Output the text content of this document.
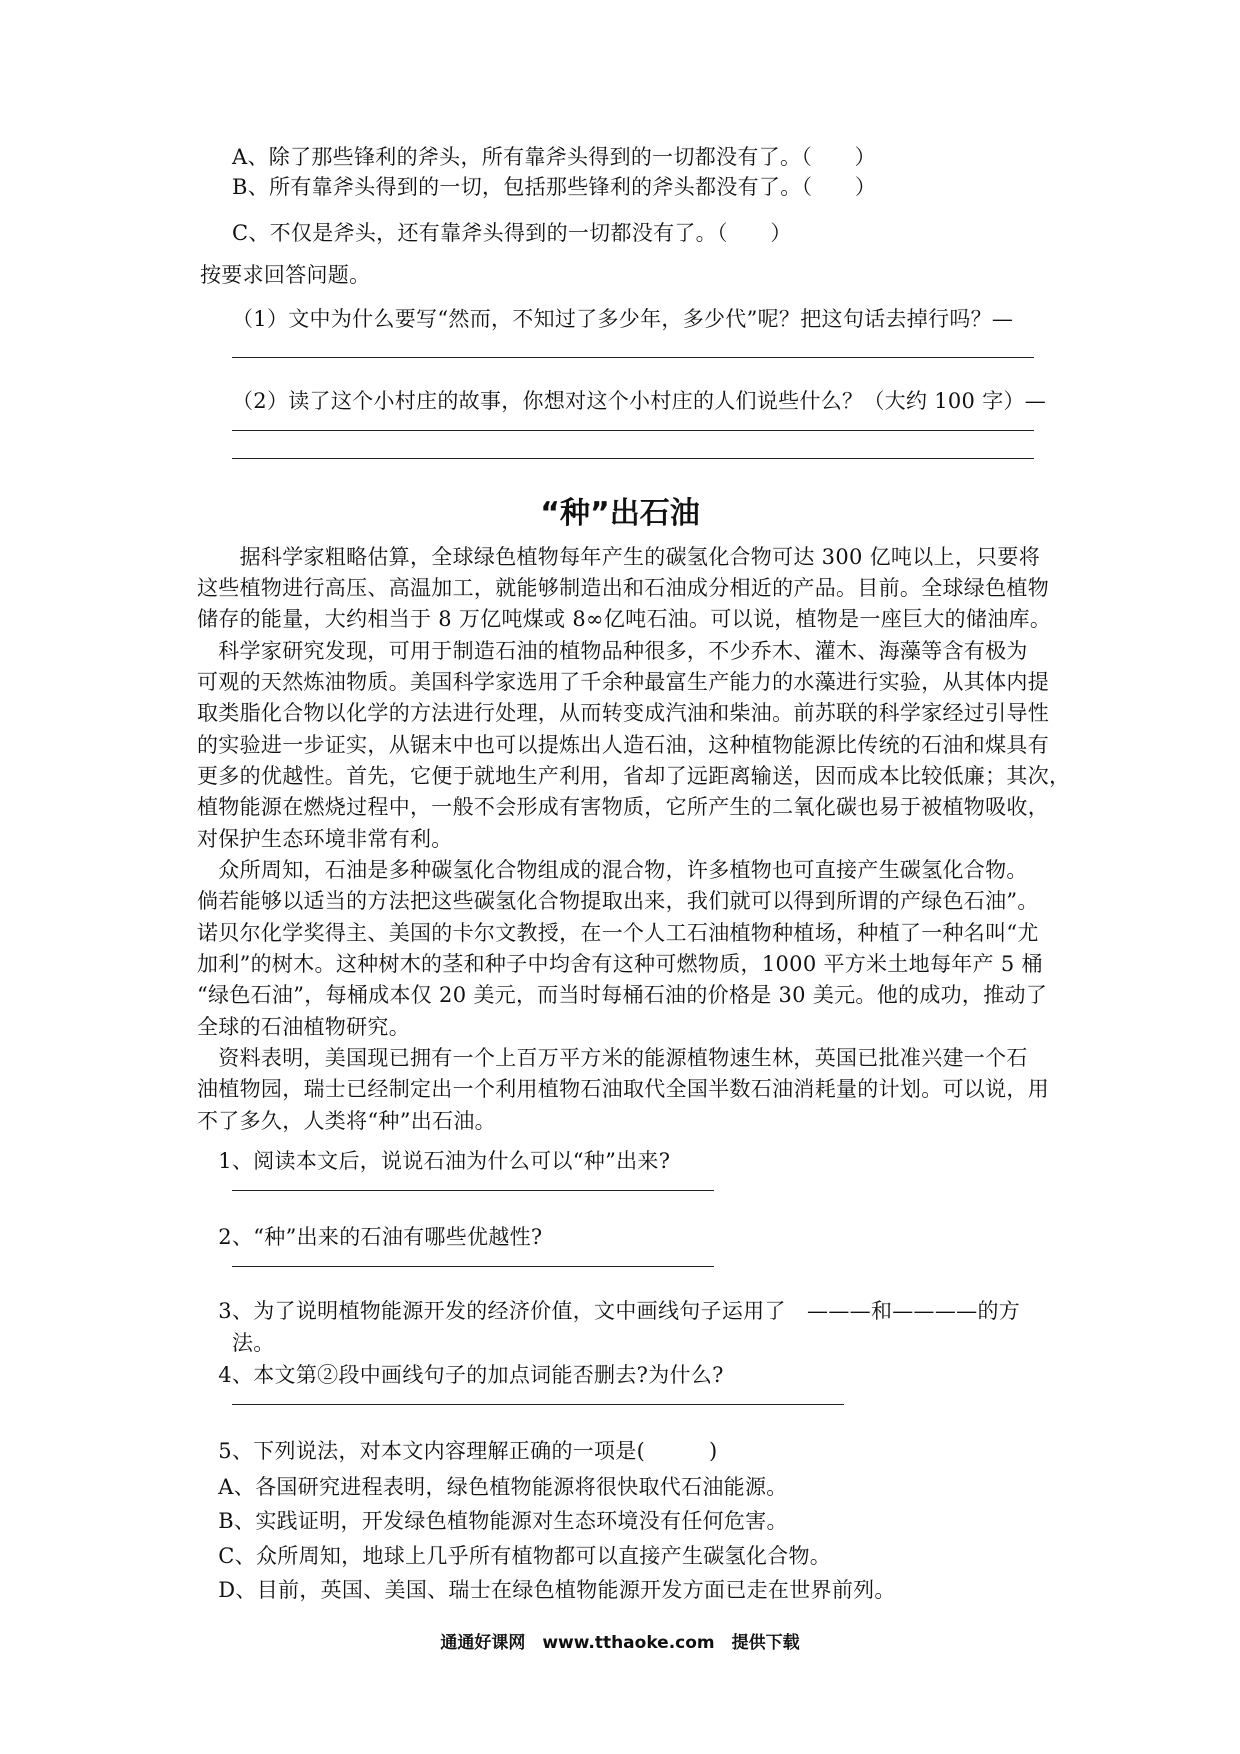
A、除了那些锋利的斧头，所有靠斧头得到的一切都没有了。（　　）
B、所有靠斧头得到的一切，包括那些锋利的斧头都没有了。（　　）
C、不仅是斧头，还有靠斧头得到的一切都没有了。（　　）
按要求回答问题。
（1）文中为什么要写“然而，不知过了多少年，多少代”呢？把这句话去掉行吗？—
（2）读了这个小村庄的故事，你想对这个小村庄的人们说些什么？（大约 100 字）—
“种”出石油
　　据科学家粗略估算，全球绿色植物每年产生的碳氢化合物可达 300 亿吨以上，只要将
这些植物进行高压、高温加工，就能够制造出和石油成分相近的产品。目前。全球绿色植物
储存的能量，大约相当于 8 万亿吨煤或 8∞亿吨石油。可以说，植物是一座巨大的储油库。
　科学家研究发现，可用于制造石油的植物品种很多，不少乔木、灌木、海藻等含有极为
可观的天然炼油物质。美国科学家选用了千余种最富生产能力的水藻进行实验，从其体内提
取类脂化合物以化学的方法进行处理，从而转变成汽油和柴油。前苏联的科学家经过引导性
的实验进一步证实，从锯末中也可以提炼出人造石油，这种植物能源比传统的石油和煤具有
更多的优越性。首先，它便于就地生产利用，省却了远距离输送，因而成本比较低廉；其次，
植物能源在燃烧过程中，一般不会形成有害物质，它所产生的二氧化碳也易于被植物吸收，
对保护生态环境非常有利。
　众所周知，石油是多种碳氢化合物组成的混合物，许多植物也可直接产生碳氢化合物。
倘若能够以适当的方法把这些碳氢化合物提取出来，我们就可以得到所谓的产绿色石油”。
诺贝尔化学奖得主、美国的卡尔文教授，在一个人工石油植物种植场，种植了一种名叫“尤
加利”的树木。这种树木的茎和种子中均舍有这种可燃物质，1000 平方米土地每年产 5 桶
“绿色石油”，每桶成本仅 20 美元，而当时每桶石油的价格是 30 美元。他的成功，推动了
全球的石油植物研究。
　资料表明，美国现已拥有一个上百万平方米的能源植物速生林，英国已批准兴建一个石
油植物园，瑞士已经制定出一个利用植物石油取代全国半数石油消耗量的计划。可以说，用
不了多久，人类将“种”出石油。
　1、阅读本文后，说说石油为什么可以“种”出来?
　2、“种”出来的石油有哪些优越性?
　3、为了说明植物能源开发的经济价值，文中画线句子运用了　———和————的方
法。
　4、本文第②段中画线句子的加点词能否删去?为什么?
　5、下列说法，对本文内容理解正确的一项是(　　　)
　A、各国研究进程表明，绿色植物能源将很快取代石油能源。
　B、实践证明，开发绿色植物能源对生态环境没有任何危害。
　C、众所周知，地球上几乎所有植物都可以直接产生碳氢化合物。
　D、目前，英国、美国、瑞士在绿色植物能源开发方面已走在世界前列。
通通好课网　www.tthaoke.com　提供下载
